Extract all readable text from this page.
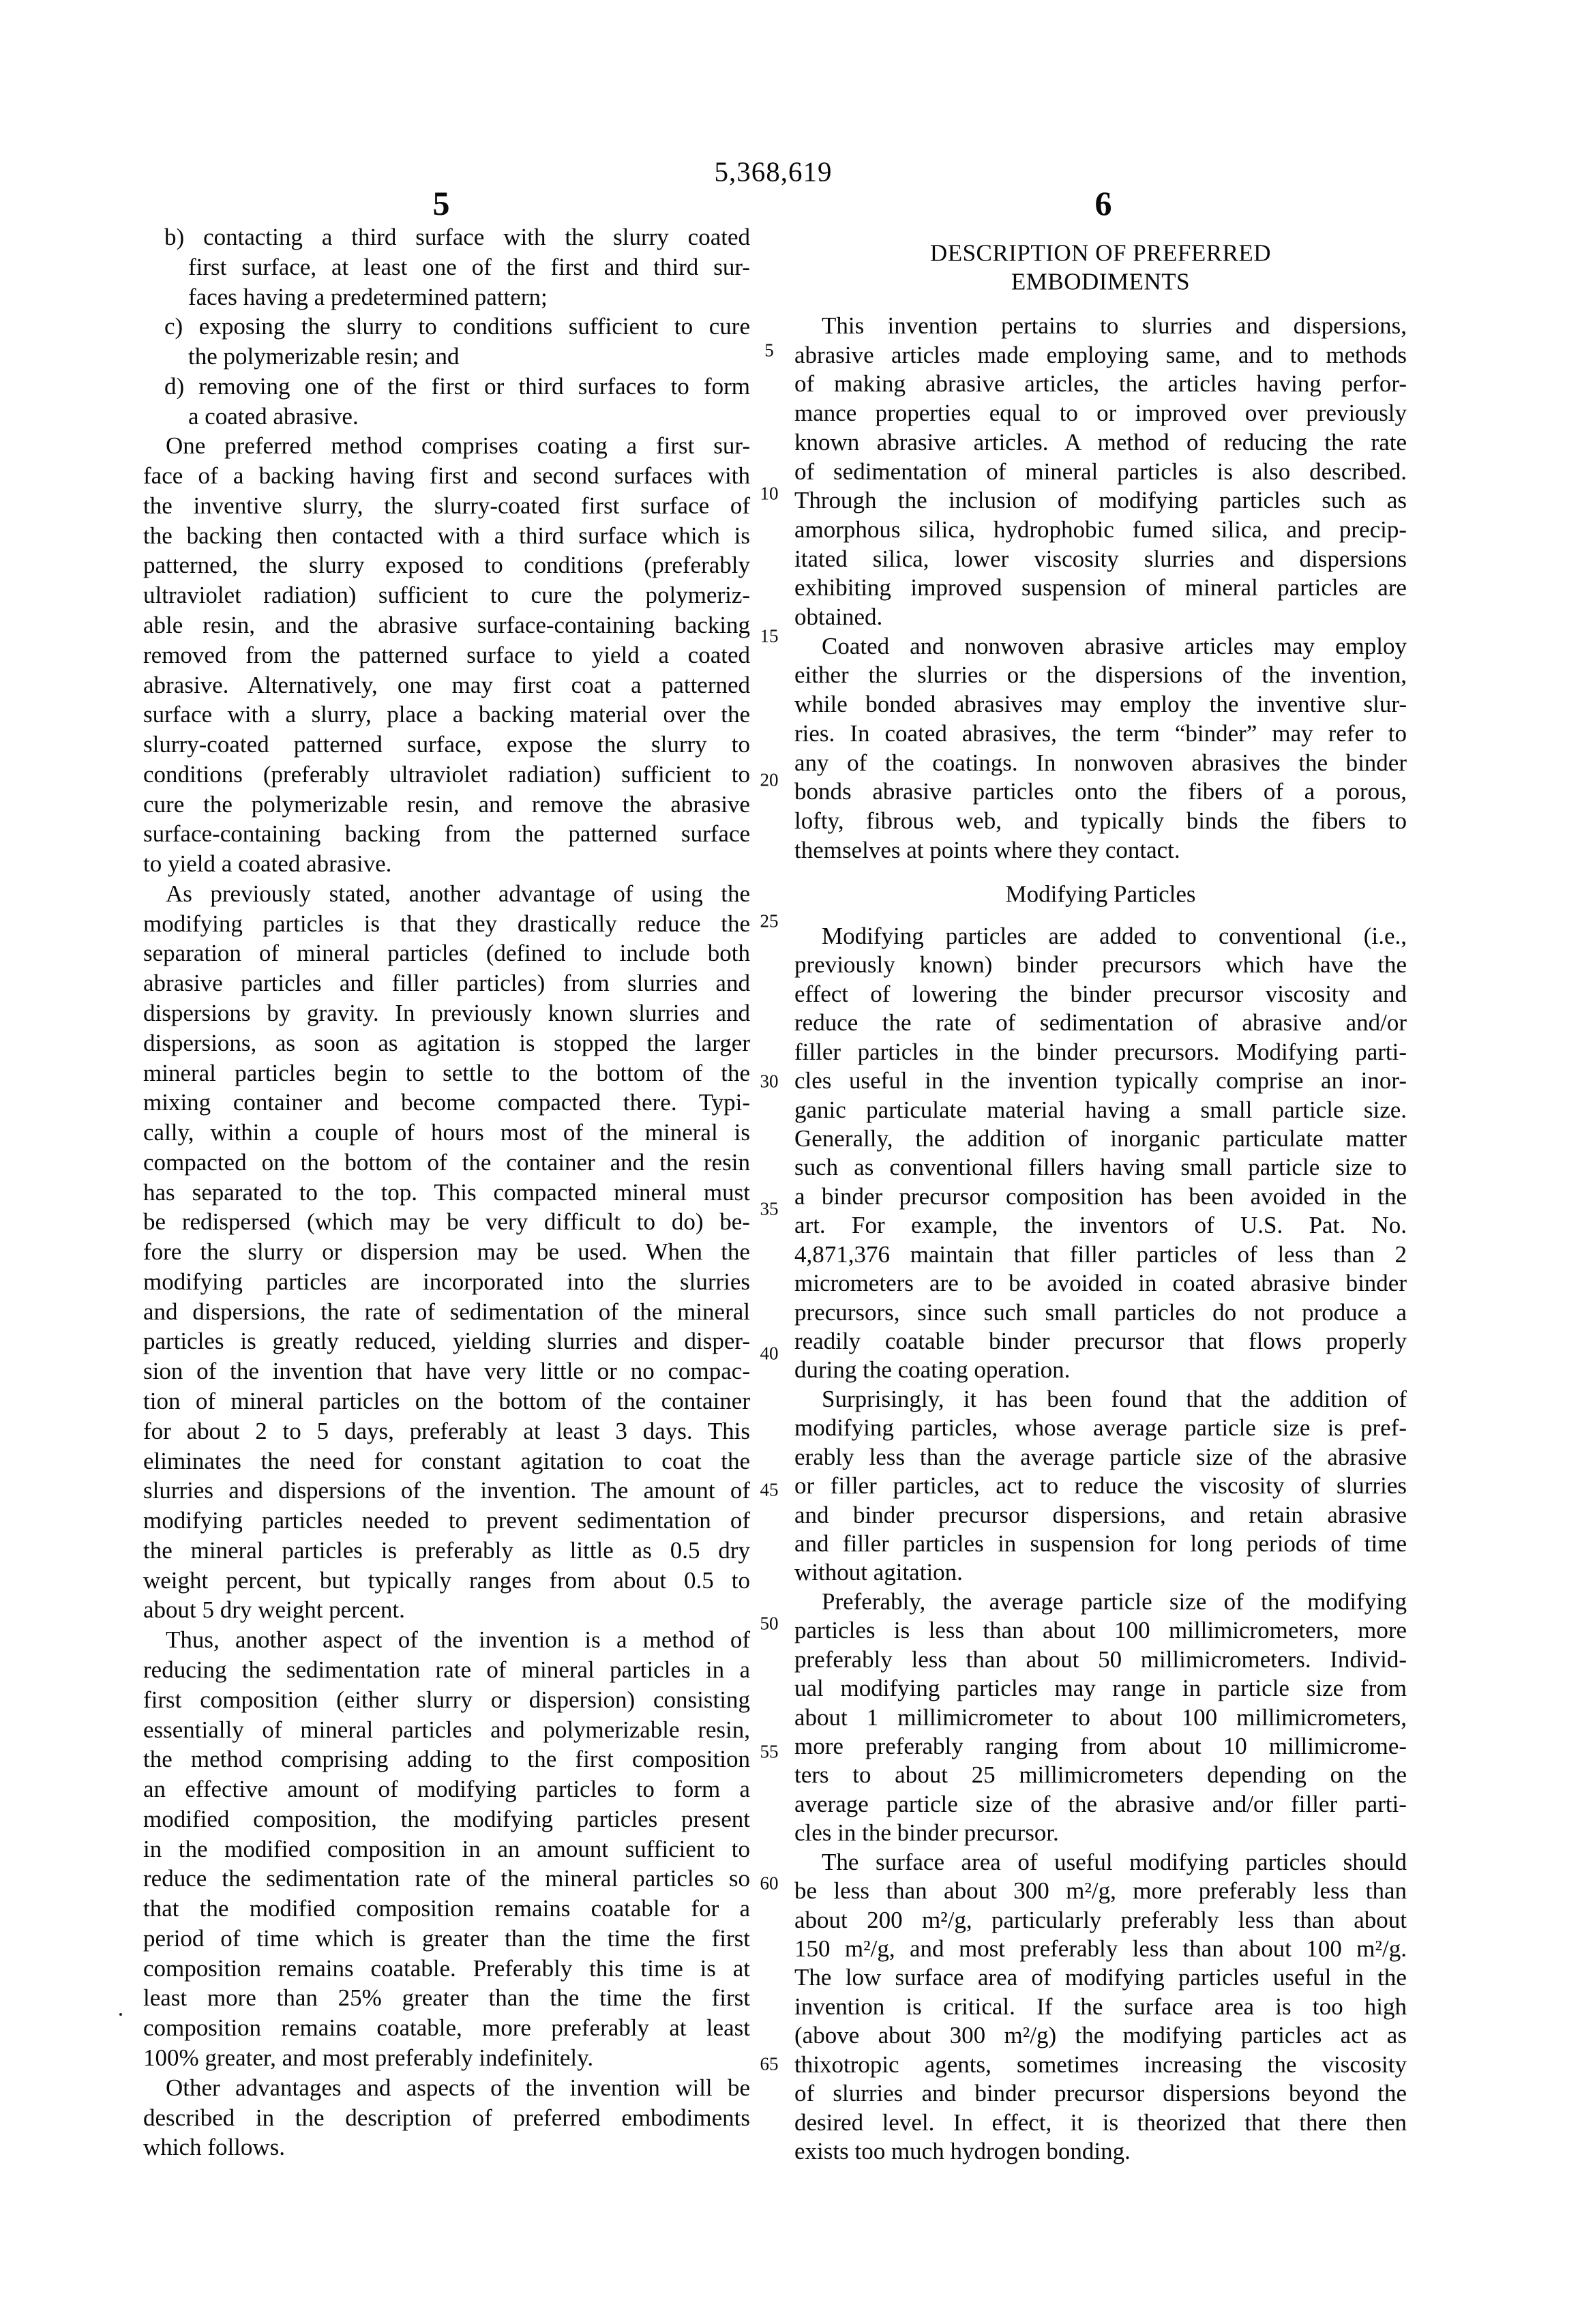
5,368,619
5	6
DESCRIPTION OF PREFERRED
EMBODIMENTS
Modifying Particles
b) contacting a third surface with the slurry coated
first surface, at least one of the first and third sur-
faces having a predetermined pattern;
c) exposing the slurry to conditions sufficient to cure
the polymerizable resin; and
d) removing one of the first or third surfaces to form
a coated abrasive.
One preferred method comprises coating a first sur-
face of a backing having first and second surfaces with
the inventive slurry, the slurry-coated first surface of
the backing then contacted with a third surface which is
patterned, the slurry exposed to conditions (preferably
ultraviolet radiation) sufficient to cure the polymeriz-
able resin, and the abrasive surface-containing backing
removed from the patterned surface to yield a coated
abrasive. Alternatively, one may first coat a patterned
surface with a slurry, place a backing material over the
slurry-coated patterned surface, expose the slurry to
conditions (preferably ultraviolet radiation) sufficient to
cure the polymerizable resin, and remove the abrasive
surface-containing backing from the patterned surface
to yield a coated abrasive.
As previously stated, another advantage of using the
modifying particles is that they drastically reduce the
separation of mineral particles (defined to include both
abrasive particles and filler particles) from slurries and
dispersions by gravity. In previously known slurries and
dispersions, as soon as agitation is stopped the larger
mineral particles begin to settle to the bottom of the
mixing container and become compacted there. Typi-
cally, within a couple of hours most of the mineral is
compacted on the bottom of the container and the resin
has separated to the top. This compacted mineral must
be redispersed (which may be very difficult to do) be-
fore the slurry or dispersion may be used. When the
modifying particles are incorporated into the slurries
and dispersions, the rate of sedimentation of the mineral
particles is greatly reduced, yielding slurries and disper-
sion of the invention that have very little or no compac-
tion of mineral particles on the bottom of the container
for about 2 to 5 days, preferably at least 3 days. This
eliminates the need for constant agitation to coat the
slurries and dispersions of the invention. The amount of
modifying particles needed to prevent sedimentation of
the mineral particles is preferably as little as 0.5 dry
weight percent, but typically ranges from about 0.5 to
about 5 dry weight percent.
Thus, another aspect of the invention is a method of
reducing the sedimentation rate of mineral particles in a
first composition (either slurry or dispersion) consisting
essentially of mineral particles and polymerizable resin,
the method comprising adding to the first composition
an effective amount of modifying particles to form a
modified composition, the modifying particles present
in the modified composition in an amount sufficient to
reduce the sedimentation rate of the mineral particles so
that the modified composition remains coatable for a
period of time which is greater than the time the first
composition remains coatable. Preferably this time is at
least more than 25% greater than the time the first
composition remains coatable, more preferably at least
100% greater, and most preferably indefinitely.
Other advantages and aspects of the invention will be
described in the description of preferred embodiments
which follows.
This invention pertains to slurries and dispersions,
abrasive articles made employing same, and to methods
of making abrasive articles, the articles having perfor-
mance properties equal to or improved over previously
known abrasive articles. A method of reducing the rate
of sedimentation of mineral particles is also described.
Through the inclusion of modifying particles such as
amorphous silica, hydrophobic fumed silica, and precip-
itated silica, lower viscosity slurries and dispersions
exhibiting improved suspension of mineral particles are
obtained.
Coated and nonwoven abrasive articles may employ
either the slurries or the dispersions of the invention,
while bonded abrasives may employ the inventive slur-
ries. In coated abrasives, the term “binder” may refer to
any of the coatings. In nonwoven abrasives the binder
bonds abrasive particles onto the fibers of a porous,
lofty, fibrous web, and typically binds the fibers to
themselves at points where they contact.
Modifying particles are added to conventional (i.e.,
previously known) binder precursors which have the
effect of lowering the binder precursor viscosity and
reduce the rate of sedimentation of abrasive and/or
filler particles in the binder precursors. Modifying parti-
cles useful in the invention typically comprise an inor-
ganic particulate material having a small particle size.
Generally, the addition of inorganic particulate matter
such as conventional fillers having small particle size to
a binder precursor composition has been avoided in the
art. For example, the inventors of U.S. Pat. No.
4,871,376 maintain that filler particles of less than 2
micrometers are to be avoided in coated abrasive binder
precursors, since such small particles do not produce a
readily coatable binder precursor that flows properly
during the coating operation.
Surprisingly, it has been found that the addition of
modifying particles, whose average particle size is pref-
erably less than the average particle size of the abrasive
or filler particles, act to reduce the viscosity of slurries
and binder precursor dispersions, and retain abrasive
and filler particles in suspension for long periods of time
without agitation.
Preferably, the average particle size of the modifying
particles is less than about 100 millimicrometers, more
preferably less than about 50 millimicrometers. Individ-
ual modifying particles may range in particle size from
about 1 millimicrometer to about 100 millimicrometers,
more preferably ranging from about 10 millimicrome-
ters to about 25 millimicrometers depending on the
average particle size of the abrasive and/or filler parti-
cles in the binder precursor.
The surface area of useful modifying particles should
be less than about 300 m²/g, more preferably less than
about 200 m²/g, particularly preferably less than about
150 m²/g, and most preferably less than about 100 m²/g.
The low surface area of modifying particles useful in the
invention is critical. If the surface area is too high
(above about 300 m²/g) the modifying particles act as
thixotropic agents, sometimes increasing the viscosity
of slurries and binder precursor dispersions beyond the
desired level. In effect, it is theorized that there then
exists too much hydrogen bonding.
5
10
15
20
25
30
35
40
45
50
55
60
65
